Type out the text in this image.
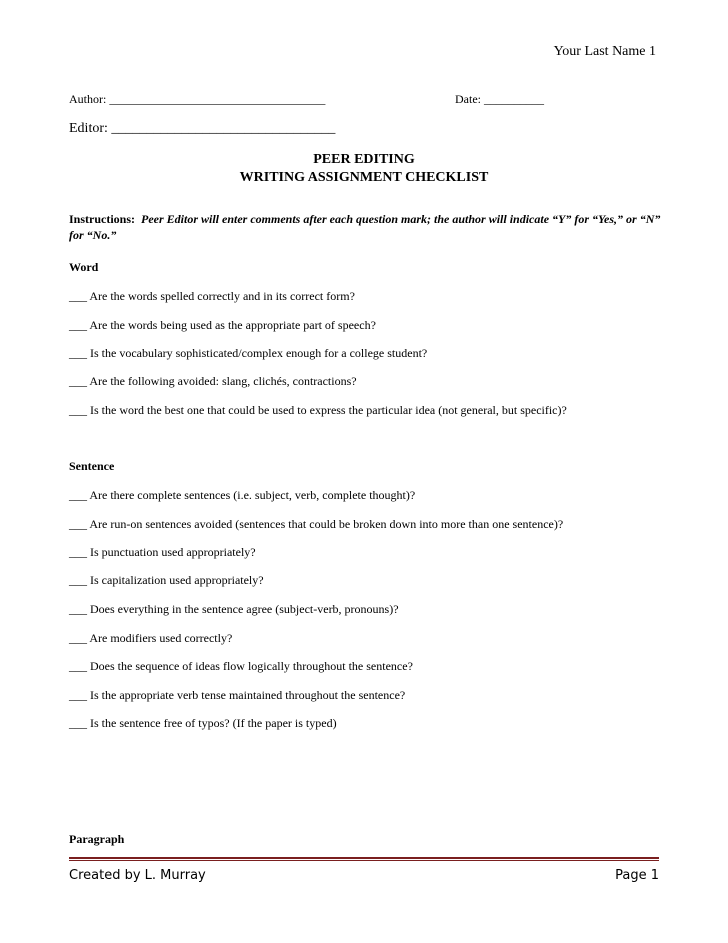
Your Last Name 1
Author: ____________________________________	Date: __________
Editor: ________________________________
PEER EDITING
WRITING ASSIGNMENT CHECKLIST
Instructions: Peer Editor will enter comments after each question mark; the author will indicate “Y” for “Yes,” or “N” for “No.”
Word
___ Are the words spelled correctly and in its correct form?
___ Are the words being used as the appropriate part of speech?
___ Is the vocabulary sophisticated/complex enough for a college student?
___ Are the following avoided: slang, clichés, contractions?
___ Is the word the best one that could be used to express the particular idea (not general, but specific)?
Sentence
___ Are there complete sentences (i.e. subject, verb, complete thought)?
___ Are run-on sentences avoided (sentences that could be broken down into more than one sentence)?
___ Is punctuation used appropriately?
___ Is capitalization used appropriately?
___ Does everything in the sentence agree (subject-verb, pronouns)?
___ Are modifiers used correctly?
___ Does the sequence of ideas flow logically throughout the sentence?
___ Is the appropriate verb tense maintained throughout the sentence?
___ Is the sentence free of typos? (If the paper is typed)
Paragraph
Created by L. Murray	Page 1
